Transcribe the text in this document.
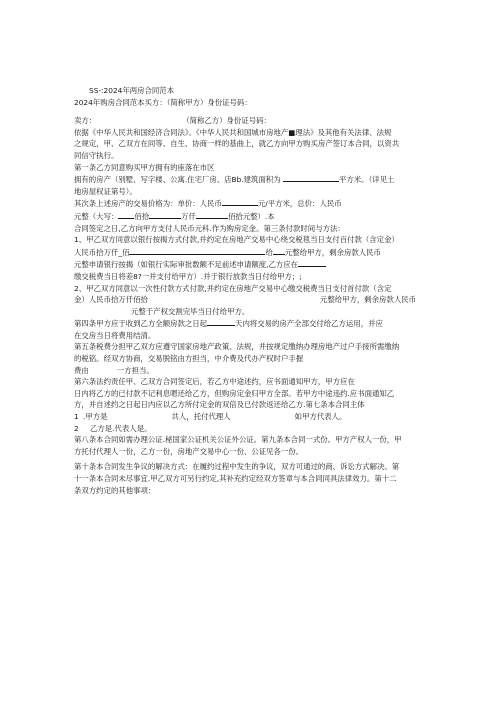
SS-:2024年两房合同范本
2024年购房合同范本买方：（简称甲方）身份证号码：
卖方：	（简称乙方）身份证号码：
依据《中华人民共和国经济合同法》、《中华人民共和国城市房地产■理法》及其他有关法律、法规
之规定，甲、乙双方在同等、自生、协商一样的基曲上，就乙方向甲方购买房产签订本合同，以资共
同信守执行。
第一条乙方同意购买甲方拥有的座落在市区
拥有的房产（别墅、写字楼、公寓.住宅厂房、店Bb.建筑面积为	平方米。（详见土
地房屋权证第号）。
其次条上述房产的交易价格为：单价：人民币	元/平方米，总价：人民币
元整（大写： 佰拾	万仟	佰拾元整）.本
合同签定之日,乙方向甲方支付人民币元科.作为购房定金。第三条付款时间与方法：
1、甲乙双方同意以银行按揭方式付款,并约定在房地产交易中心绕交税毯当日支付百付款（含定金）
人民币拾万仟_佰	给 元整给甲方，剩余房款人民币
元整申请银行按揭（如银行实际审批数额不足前述申请额度,乙方应在
缴交税费当日将差8?一并支付给甲方）.并于银行放款当日付给甲方；;
2、甲乙双方同意以一次性付款方式付款,并约定在房地产交易中心缴交税费当日支付首付款（含定
金）人民币拾万仟佰拾	元整给甲方，剩余房款人民币
元整于产权交割完毕当日付给甲方。
第四条甲方应于收到乙方全额房款之日起	天内将交易的房产全部交付给乙方运用，并应
在交房当日将费用结清。
第五条税费分担甲乙双方应遵守国家房地产政策、法规，并按规定缴纳办理房地产过户手接所需缴纳
的税铭。经双方协商，交易脱铭由方担当，中介费及代办产权时户手握
费由	一方担当。
第六条法约责任甲、乙双方合同签定后，若乙方中途述约，应书面通知甲方，甲方应在
日内将乙方的已付款不记利息嗯还给乙方，但购房定金归甲方全部。若甲方中途违约.应书面通知乙
方，并自述约之日起日内应以乙方所付定金的双倍及已付款返还给乙方.第七条本合同主体
1 .甲方是	共人，托付代理人	如甲方代表人。
2 乙方是.代表人是。
第八条本合同如需办理公证.秘国家公证机关公证外公证。第九条本合同一式份。甲方产权人一份，甲
方托付代理人一份，乙方一份，房地产交易中心一份、公证见各一份。
第十条本合同发生争议的解决方式：在履约过程中发生的争议，双方可通过的商、诉讼方式解决。第
十一条本合同未尽事宜.甲乙双方可另行约定,其补充约定经双方签章与本合同同具法律效力。第十二
条双方约定的其他事项：
